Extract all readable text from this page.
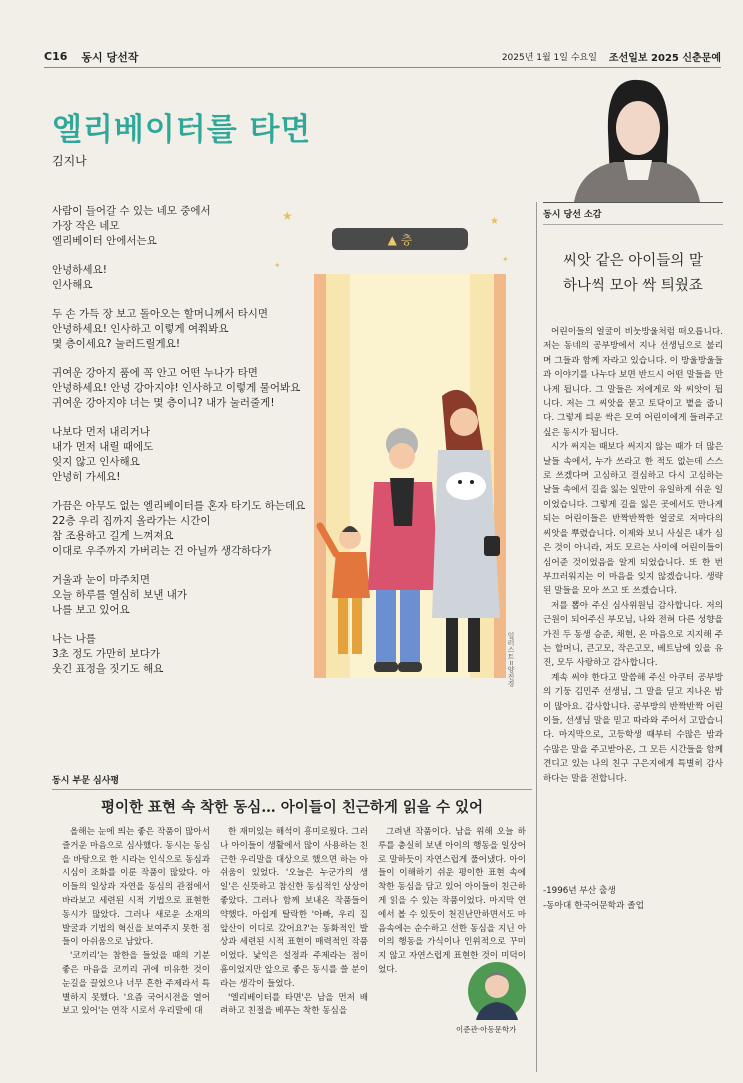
C16 동시 당선작	2025년 1월 1일 수요일 조선일보 2025 신춘문예
엘리베이터를 타면
김지나

사람이 들어갈 수 있는 네모 중에서

가장 작은 네모

엘리베이터 안에서는요

안녕하세요!

인사해요

두 손 가득 장 보고 돌아오는 할머니께서 타시면

안녕하세요! 인사하고 이렇게 여쭤봐요

몇 층이세요? 눌러드릴게요!

귀여운 강아지 품에 꼭 안고 어떤 누나가 타면

안녕하세요! 안녕 강아지야! 인사하고 이렇게 물어봐요

귀여운 강아지야 너는 몇 층이니? 내가 눌러줄게!

나보다 먼저 내리거나

내가 먼저 내릴 때에도

잊지 않고 인사해요

안녕히 가세요!

가끔은 아무도 없는 엘리베이터를 혼자 타기도 하는데요

22층 우리 집까지 올라가는 시간이

참 조용하고 길게 느껴져요

이대로 우주까지 가버리는 건 아닐까 생각하다가

거울과 눈이 마주치면

오늘 하루를 열심히 보낸 내가

나를 보고 있어요

나는 나를

3초 정도 가만히 보다가

웃긴 표정을 짓기도 해요

▲ 층
★	★
✦
✦
일러스트=양진경
동시 당선 소감
씨앗 같은 아이들의 말
하나씩 모아 싹 틔웠죠

어린이들의 얼굴이 비눗방울처럼 떠오릅니다. 저는 동네의 공부방에서 지나 선생님으로 불리며 그들과 함께 자라고 있습니다. 이 방울방울들과 이야기를 나누다 보면 반드시 어떤 말들을 만나게 됩니다. 그 말들은 저에게로 와 씨앗이 됩니다. 저는 그 씨앗을 묻고 토닥이고 볕을 줍니다. 그렇게 틔운 싹은 모여 어린이에게 들려주고 싶은 동시가 됩니다.

시가 써지는 때보다 써지지 않는 때가 더 많은 날들 속에서, 누가 쓰라고 한 적도 없는데 스스로 쓰겠다며 고심하고 걸심하고 다시 고심하는 날들 속에서 길을 잃는 일만이 유일하게 쉬운 일이었습니다. 그렇게 길을 잃은 곳에서도 만나게 되는 어린이들은 반짝반짝한 얼굴로 저마다의 씨앗을 뿌렸습니다. 이제와 보니 사실은 내가 심은 것이 아니라, 저도 모르는 사이에 어린이들이 심어준 것이었음을 알게 되었습니다. 또 한 번 부끄러워지는 이 마음을 잊지 않겠습니다. 생략된 말들을 모아 쓰고 또 쓰겠습니다.

저를 뽑아 주신 심사위원님 감사합니다. 저의 근원이 되어주신 부모님, 나와 전혀 다른 성향을 가진 두 동생 승준, 채현, 온 마음으로 지지해 주는 할머니, 큰고모, 작은고모, 베트남에 있을 유진, 모두 사랑하고 감사합니다.

계속 써야 한다고 말씀해 주신 아쿠터 공부방의 기둥 김민주 선생님, 그 말을 딛고 지나온 밤이 많아요. 감사합니다. 공부방의 반짝반짝 어린이들, 선생님 말을 믿고 따라와 주어서 고맙습니다. 마지막으로, 고등학생 때부터 수많은 밤과 수많은 말을 주고받아온, 그 모든 시간들을 함께 견디고 있는 나의 친구 구은지에게 특별히 감사하다는 말을 전합니다.

-1996년 부산 출생
-동아대 한국어문학과 졸업
동시 부문 심사평
평이한 표현 속 착한 동심… 아이들이 친근하게 읽을 수 있어

올해는 눈에 띄는 좋은 작품이 많아서 즐거운 마음으로 심사했다. 동시는 동심을 바탕으로 한 시라는 인식으로 동심과 시심이 조화를 이룬 작품이 많았다. 아이들의 일상과 자연을 동심의 관점에서 바라보고 세련된 시적 기법으로 표현한 동시가 많았다. 그러나 새로운 소재의 발굴과 기법의 혁신을 보여주지 못한 점들이 아쉬움으로 남았다.

'코끼리'는 참한을 들었을 때의 기분 좋은 마음을 코끼리 귀에 비유한 것이 눈길을 끌었으나 너무 흔한 주제라서 특별하지 못했다. '요즘 국어시전을 열어보고 있어'는 연작 시로서 우리말에 대

한 재미있는 해석이 흥미로웠다. 그러나 아이들이 생활에서 많이 사용하는 친근한 우리말을 대상으로 했으면 하는 아쉬움이 있었다. '오늘은 누군가의 생일'은 신뜻하고 참신한 동심적인 상상이 좋았다. 그러나 함께 보내온 작품들이 약했다. 아쉽게 탈락한 '아빠, 우리 집 앞산이 이디로 갔어요?'는 동화적인 발상과 세련된 시적 표현이 매력적인 작품이었다. 낯익은 설정과 주제라는 점이 흠이었지만 앞으로 좋은 동시를 쓸 분이라는 생각이 들었다.

'엘리베이터를 타면'은 남을 먼저 배려하고 친절을 베푸는 착한 동심을

그려낸 작품이다. 남을 위해 오늘 하루를 충실히 보낸 아이의 행동을 일상어로 말하듯이 자연스럽게 풀어냈다. 아이들이 이해하기 쉬운 평이한 표현 속에 착한 동심을 담고 있어 아이들이 친근하게 읽을 수 있는 작품이었다. 마지막 연에서 볼 수 있듯이 천진난만하면서도 마음속에는 순수하고 선한 동심을 지닌 아이의 행동을 가식이나 인위적으로 꾸미지 않고 자연스럽게 표현한 것이 미덕이었다.

이준관·아동문학가
